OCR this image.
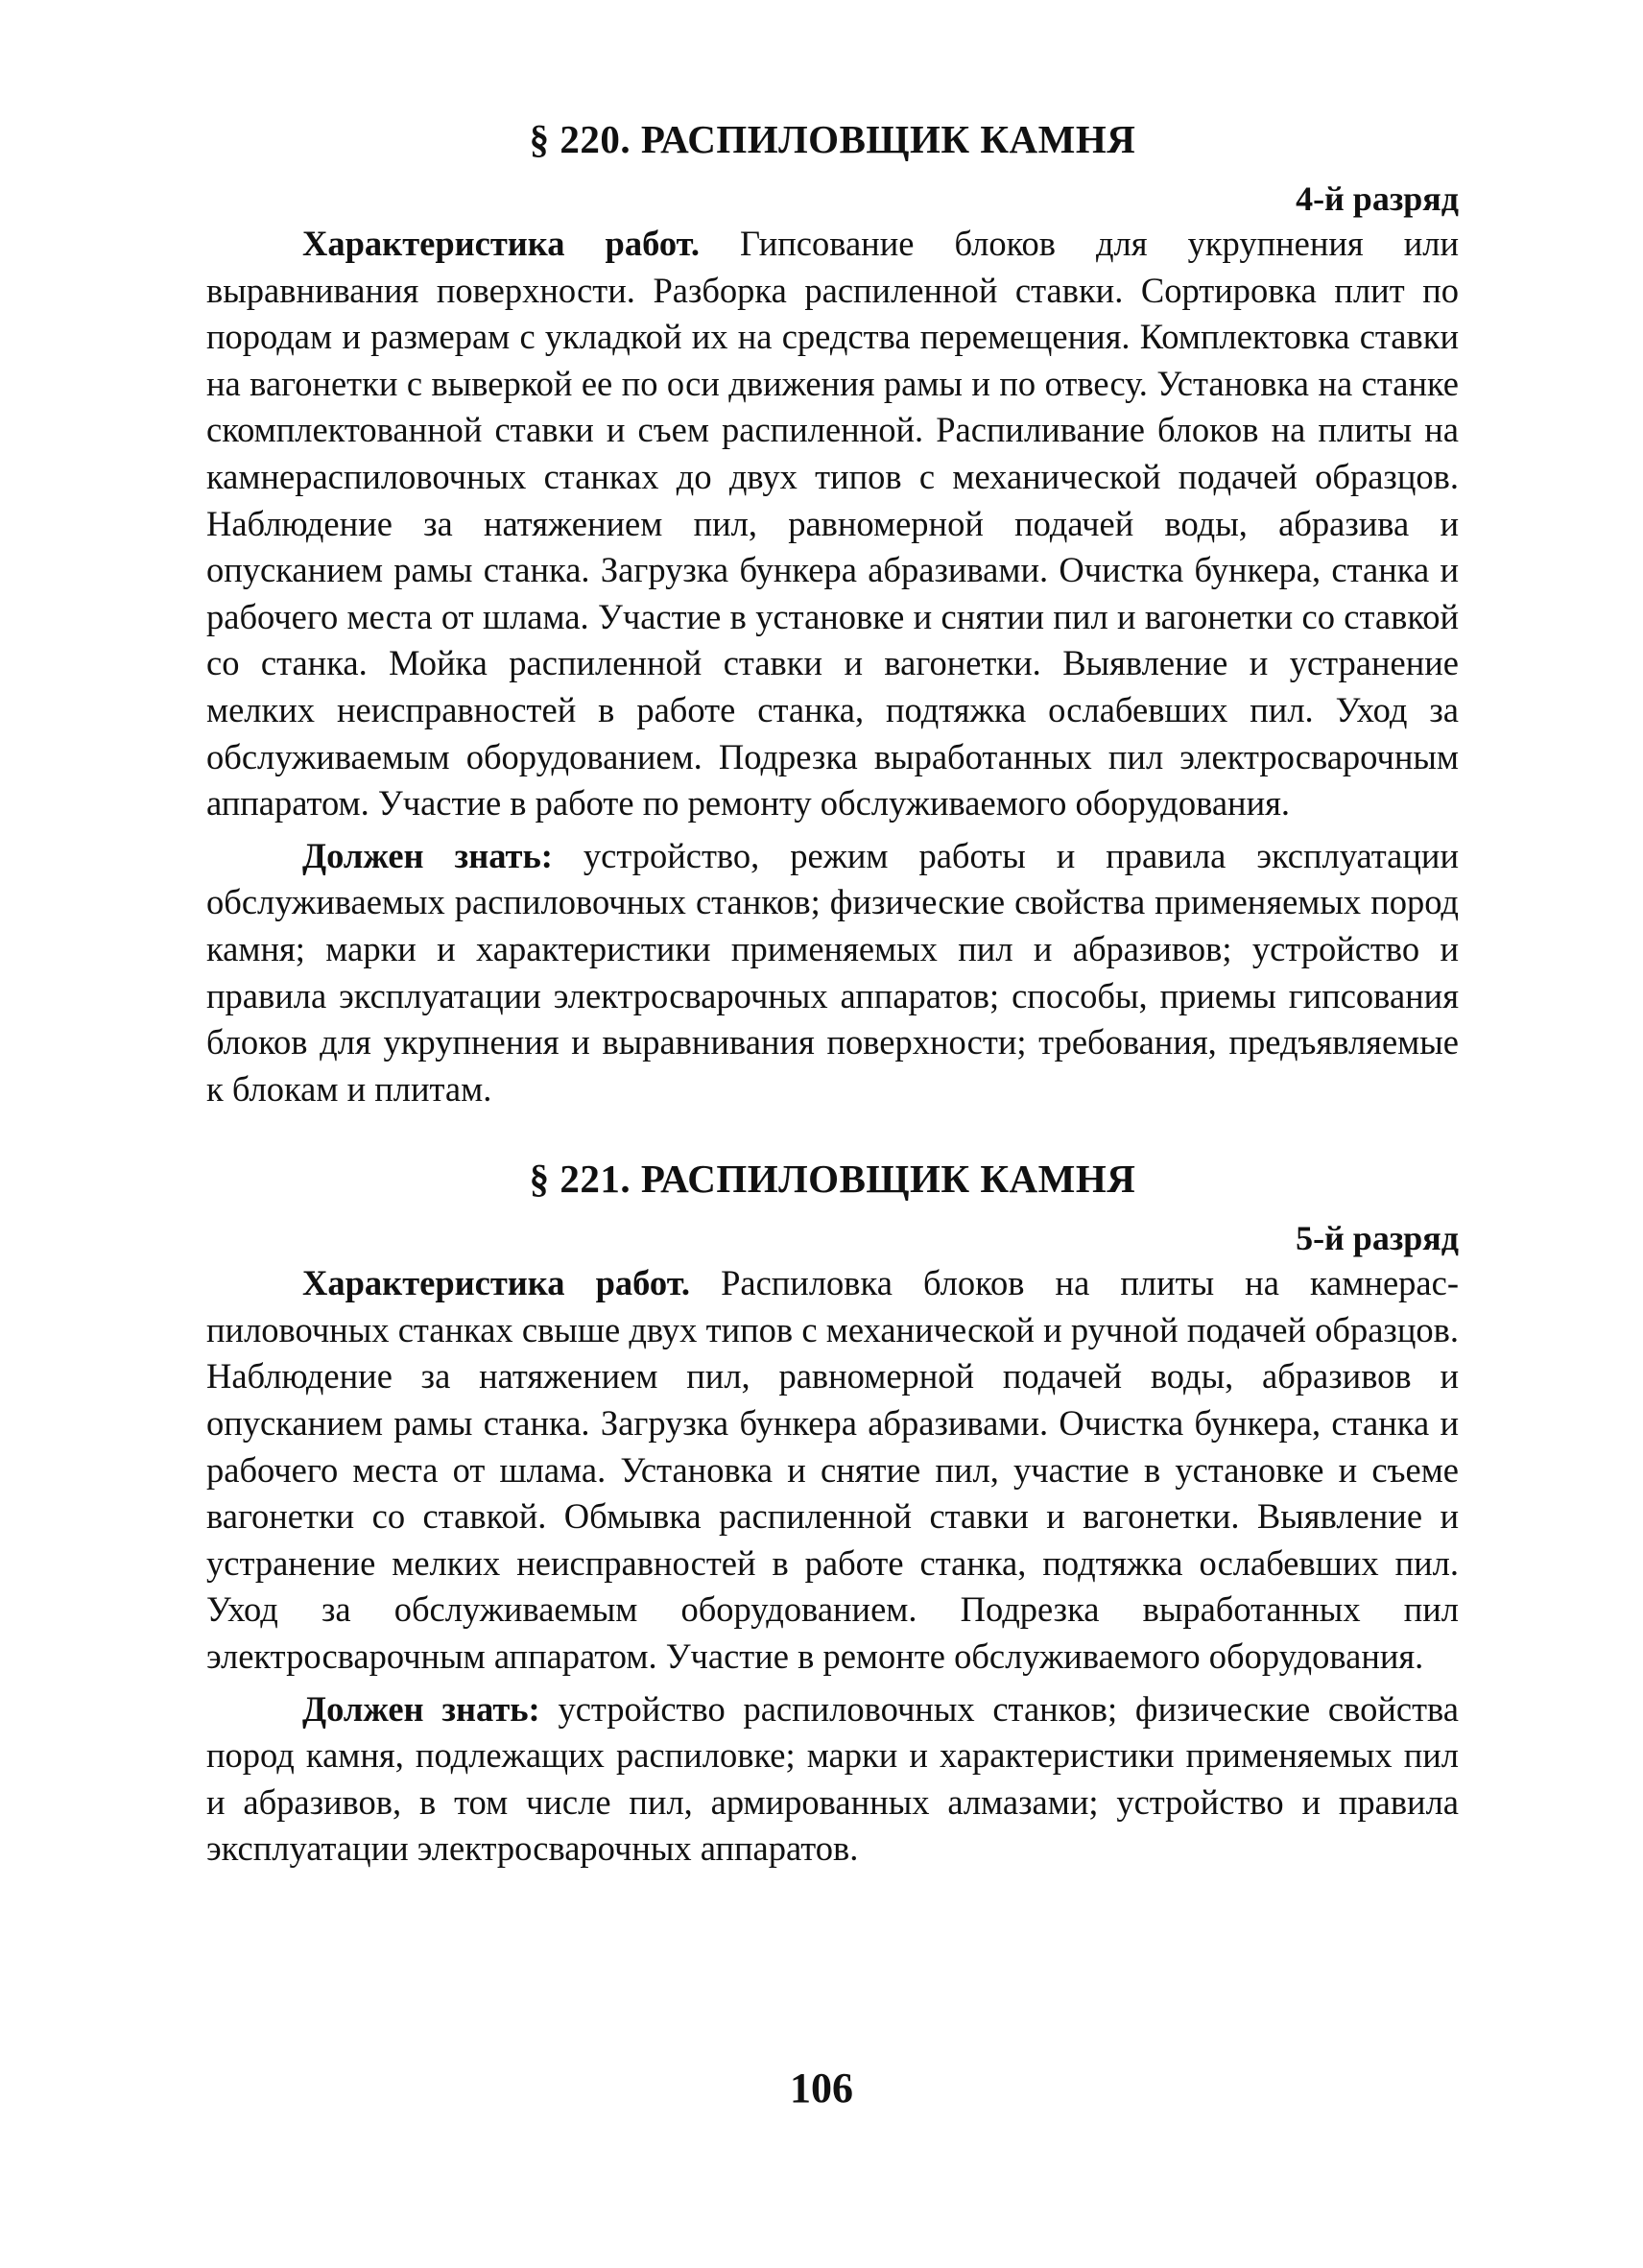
§ 220. РАСПИЛОВЩИК КАМНЯ
4-й разряд

Характеристика работ. Гипсование блоков для укрупнения или выравнивания поверхности. Разборка распиленной ставки. Сортировка плит по породам и размерам с укладкой их на средства перемещения. Комплектовка ставки на вагонетки с выверкой ее по оси движения рамы и по отвесу. Установка на станке скомплектованной ставки и съем распиленной. Распиливание блоков на плиты на камнераспиловочных станках до двух типов с механической подачей образцов. Наблюдение за натяжением пил, равномерной подачей воды, абразива и опусканием рамы станка. Загрузка бункера абразивами. Очистка бункера, станка и рабочего места от шлама. Участие в установке и снятии пил и вагонетки со ставкой со станка. Мойка распиленной ставки и вагонетки. Выявление и устранение мелких неисправностей в работе станка, подтяжка ослабевших пил. Уход за обслуживаемым оборудованием. Подрезка выработанных пил электросварочным аппаратом. Участие в работе по ремонту обслуживаемого оборудования.

Должен знать: устройство, режим работы и правила эксплуатации обслуживаемых распиловочных станков; физические свойства применяемых пород камня; марки и характеристики применяемых пил и абразивов; устройство и правила эксплуатации электросварочных аппаратов; способы, приемы гипсования блоков для укрупнения и выравнивания поверхности; требования, предъявляемые к блокам и плитам.

§ 221. РАСПИЛОВЩИК КАМНЯ
5-й разряд

Характеристика работ. Распиловка блоков на плиты на камнераспиловочных станках свыше двух типов с механической и ручной подачей образцов. Наблюдение за натяжением пил, равномерной подачей воды, абразивов и опусканием рамы станка. Загрузка бункера абразивами. Очистка бункера, станка и рабочего места от шлама. Установка и снятие пил, участие в установке и съеме вагонетки со ставкой. Обмывка распиленной ставки и вагонетки. Выявление и устранение мелких неисправностей в работе станка, подтяжка ослабевших пил. Уход за обслуживаемым оборудованием. Подрезка выработанных пил электросварочным аппаратом. Участие в ремонте обслуживаемого оборудования.

Должен знать: устройство распиловочных станков; физические свойства пород камня, подлежащих распиловке; марки и характеристики применяемых пил и абразивов, в том числе пил, армированных алмазами; устройство и правила эксплуатации электросварочных аппаратов.

106
